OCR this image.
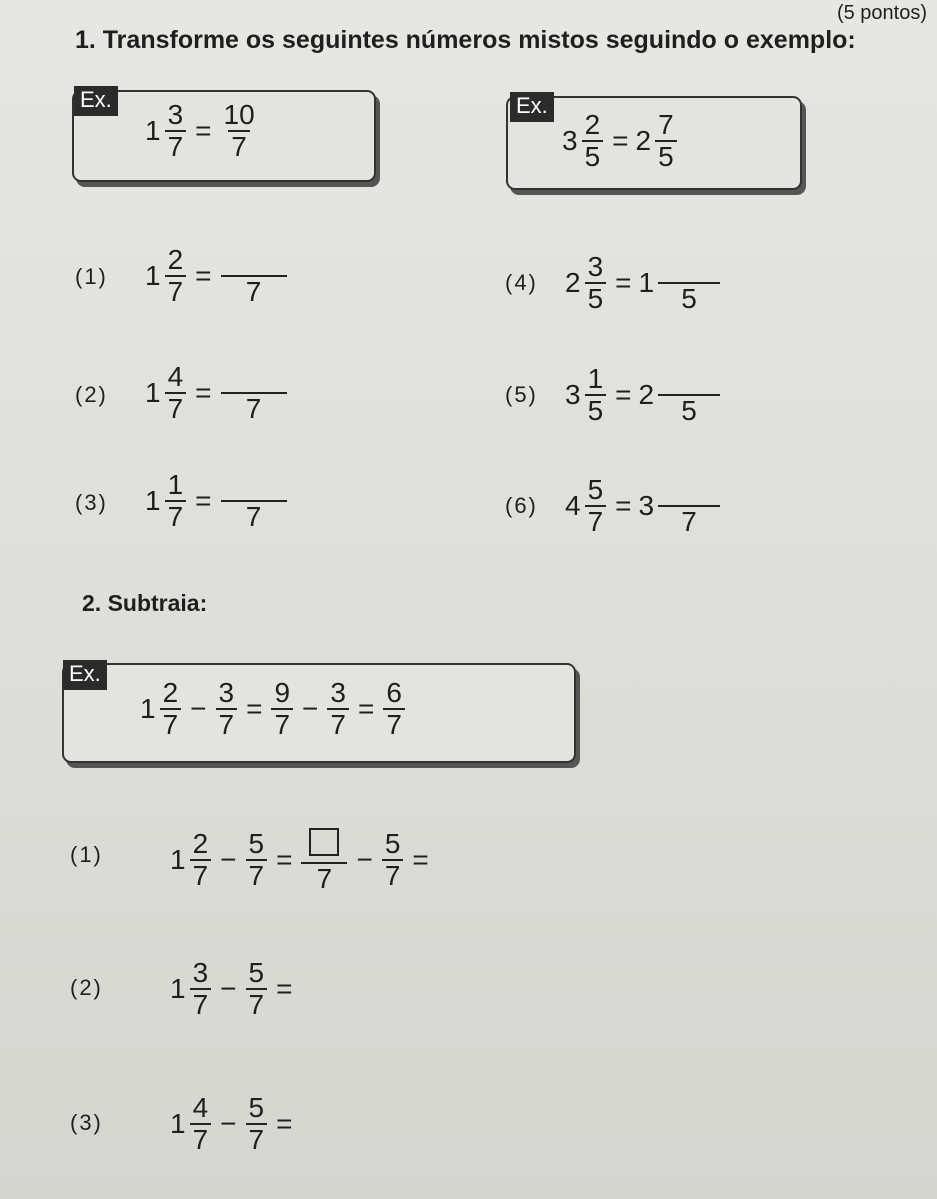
(5 pontos)
1. Transforme os seguintes números mistos seguindo o exemplo:
Ex.
$1 \frac{3}{7} = \frac{10}{7}$	Ex.
$3 \frac{2}{5} = 2 \frac{7}{5}$
(1) $1 \frac{2}{7}$ =
7
(2) $1 \frac{4}{7}$ =
7
(3) $1 \frac{1}{7}$ =
7
(4) $2 \frac{3}{5} = 1$
5
(5) $3 \frac{1}{5} = 2$
5
(6) $4 \frac{5}{7} = 3$
7
2. Subtraia:
Ex.
$1 \frac{2}{7} - \frac{3}{7} = \frac{9}{7} - \frac{3}{7} = \frac{6}{7}$
(1) $1 \frac{2}{7} - \frac{5}{7}$ =
7
− $\frac{5}{7}$ =
(2) $1 \frac{3}{7} - \frac{5}{7}$ =
(3) $1 \frac{4}{7} - \frac{5}{7}$ =
